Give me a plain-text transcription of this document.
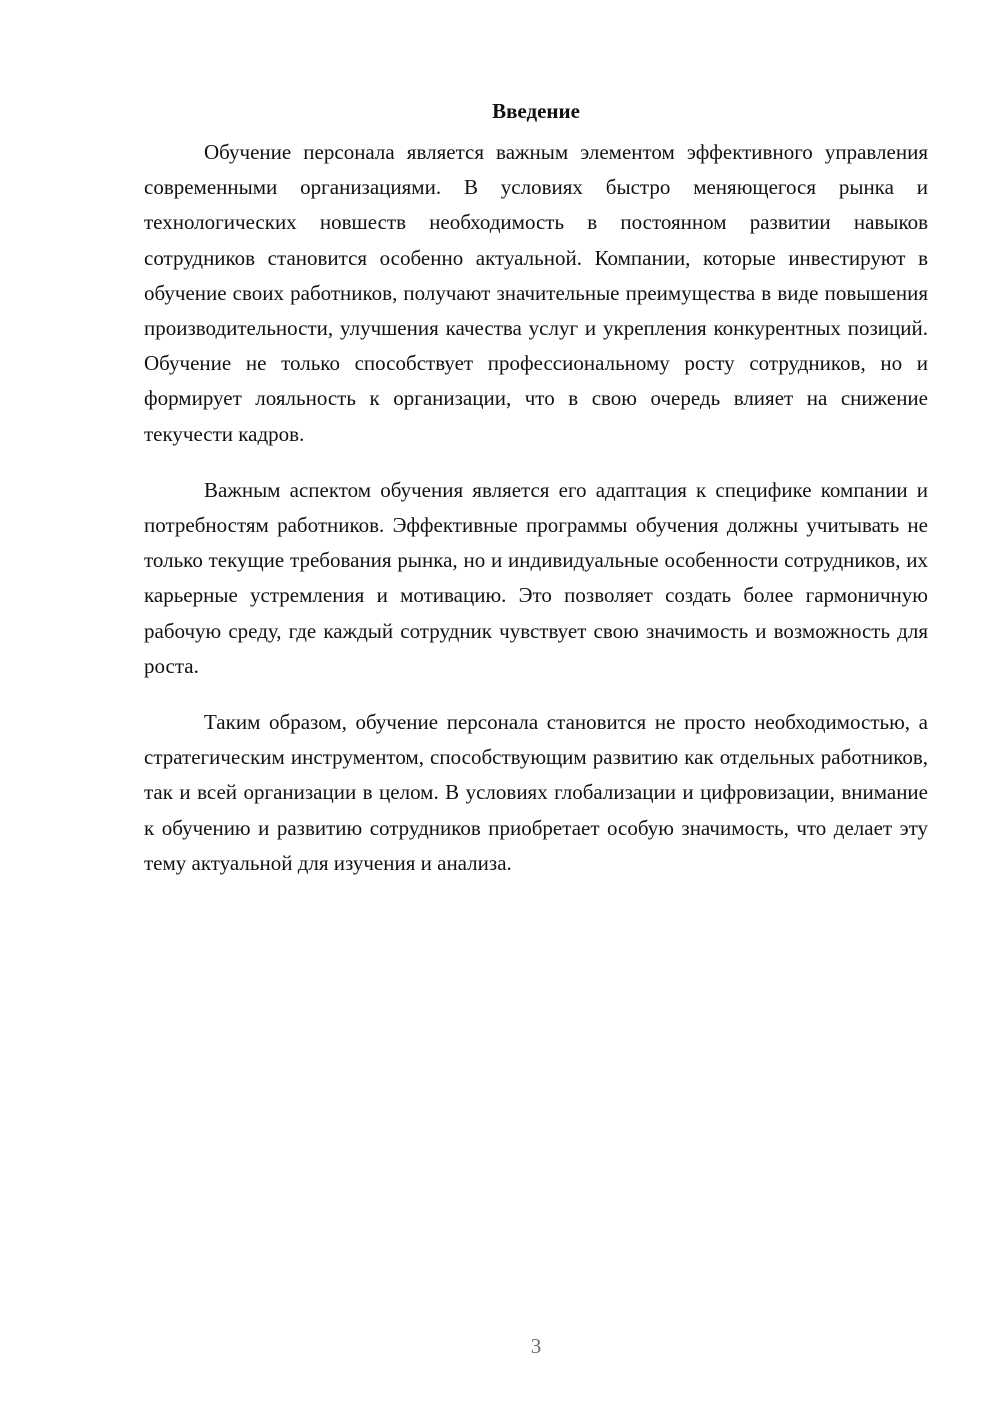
Введение

Обучение персонала является важным элементом эффективного управления современными организациями. В условиях быстро меняющегося рынка и технологических новшеств необходимость в постоянном развитии навыков сотрудников становится особенно актуальной. Компании, которые инвестируют в обучение своих работников, получают значительные преимущества в виде повышения производительности, улучшения качества услуг и укрепления конкурентных позиций. Обучение не только способствует профессиональному росту сотрудников, но и формирует лояльность к организации, что в свою очередь влияет на снижение текучести кадров.

Важным аспектом обучения является его адаптация к специфике компании и потребностям работников. Эффективные программы обучения должны учитывать не только текущие требования рынка, но и индивидуальные особенности сотрудников, их карьерные устремления и мотивацию. Это позволяет создать более гармоничную рабочую среду, где каждый сотрудник чувствует свою значимость и возможность для роста.

Таким образом, обучение персонала становится не просто необходимостью, а стратегическим инструментом, способствующим развитию как отдельных работников, так и всей организации в целом. В условиях глобализации и цифровизации, внимание к обучению и развитию сотрудников приобретает особую значимость, что делает эту тему актуальной для изучения и анализа.

3
